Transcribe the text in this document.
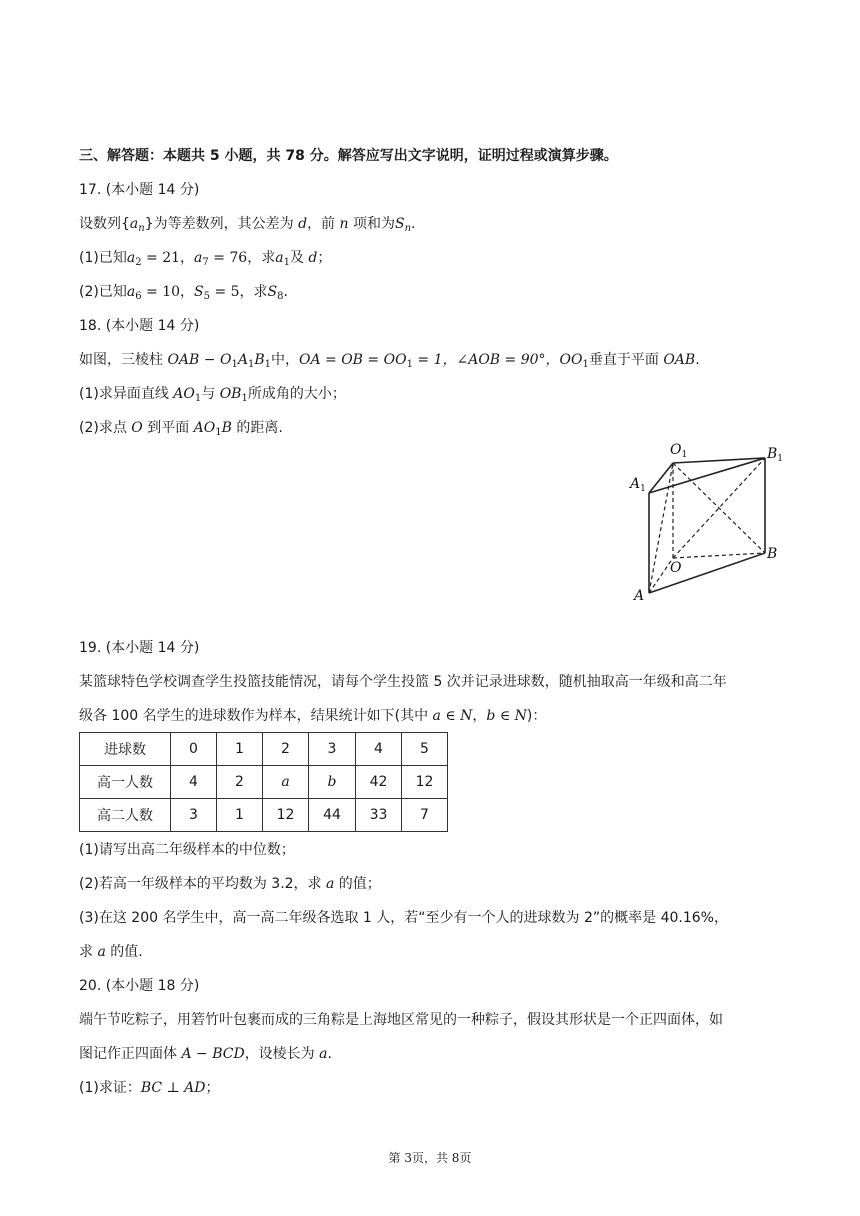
三、解答题：本题共 5 小题，共 78 分。解答应写出文字说明，证明过程或演算步骤。
17. (本小题 14 分)
设数列$\{a_n\}$为等差数列，其公差为 d，前 n 项和为$S_n$.
(1)已知$a_2 = 21$，$a_7 = 76$，求$a_1$及 d；
(2)已知$a_6 = 10$，$S_5 = 5$，求$S_8$.
18. (本小题 14 分)
如图，三棱柱 OAB − $O_1A_1B_1$中，OA = OB = $OO_1 = 1$，∠AOB = 90°，$OO_1$垂直于平面 OAB.
(1)求异面直线 $AO_1$与 $OB_1$所成角的大小；
(2)求点 O 到平面 $AO_1B$ 的距离.
$O_1$	$B_1$
$A_1$
O
B
A
19. (本小题 14 分)
某篮球特色学校调查学生投篮技能情况，请每个学生投篮 5 次并记录进球数，随机抽取高一年级和高二年
级各 100 名学生的进球数作为样本，结果统计如下(其中 a ∈ N，b ∈ N)：
进球数	0	1	2	3	4	5
高一人数	4	2	a	b	42	12
高二人数	3	1	12	44	33	7
(1)请写出高二年级样本的中位数；
(2)若高一年级样本的平均数为 3.2，求 a 的值；
(3)在这 200 名学生中，高一高二年级各选取 1 人，若“至少有一个人的进球数为 2”的概率是 40.16%，
求 a 的值.
20. (本小题 18 分)
端午节吃粽子，用箬竹叶包裹而成的三角粽是上海地区常见的一种粽子，假设其形状是一个正四面体，如
图记作正四面体 A − BCD，设棱长为 a.
(1)求证：BC ⊥ AD；
第 3页，共 8页
